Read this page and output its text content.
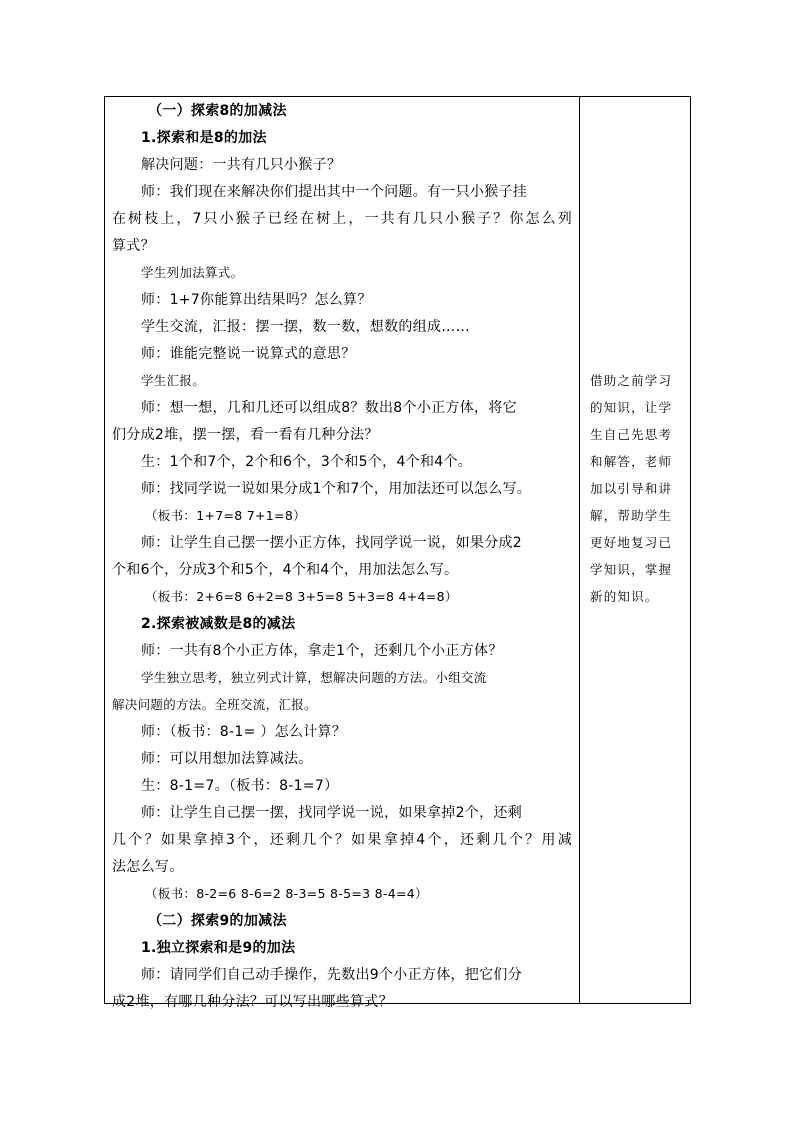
（一）探索8的加减法
1.探索和是8的加法
解决问题：一共有几只小猴子？
师：我们现在来解决你们提出其中一个问题。有一只小猴子挂
在树枝上，7只小猴子已经在树上，一共有几只小猴子？你怎么列
算式？
学生列加法算式。
师：1+7你能算出结果吗？怎么算？
学生交流，汇报：摆一摆，数一数，想数的组成……
师：谁能完整说一说算式的意思？
学生汇报。
师：想一想，几和几还可以组成8？数出8个小正方体，将它
们分成2堆，摆一摆，看一看有几种分法？
生：1个和7个，2个和6个，3个和5个，4个和4个。
师：找同学说一说如果分成1个和7个，用加法还可以怎么写。
（板书：1+7=8 7+1=8）
师：让学生自己摆一摆小正方体，找同学说一说，如果分成2
个和6个，分成3个和5个，4个和4个，用加法怎么写。
（板书：2+6=8 6+2=8 3+5=8 5+3=8 4+4=8）
2.探索被减数是8的减法
师：一共有8个小正方体，拿走1个，还剩几个小正方体？
学生独立思考，独立列式计算，想解决问题的方法。小组交流
解决问题的方法。全班交流，汇报。
师：（板书：8-1= ）怎么计算？
师：可以用想加法算减法。
生：8-1=7。（板书：8-1=7）
师：让学生自己摆一摆，找同学说一说，如果拿掉2个，还剩
几个？如果拿掉3个，还剩几个？如果拿掉4个，还剩几个？用减
法怎么写。
（板书：8-2=6 8-6=2 8-3=5 8-5=3 8-4=4）
（二）探索9的加减法
1.独立探索和是9的加法
师：请同学们自己动手操作，先数出9个小正方体，把它们分
成2堆，有哪几种分法？可以写出哪些算式？
借助之前学习
的知识，让学
生自己先思考
和解答，老师
加以引导和讲
解，帮助学生
更好地复习已
学知识，掌握
新的知识。
